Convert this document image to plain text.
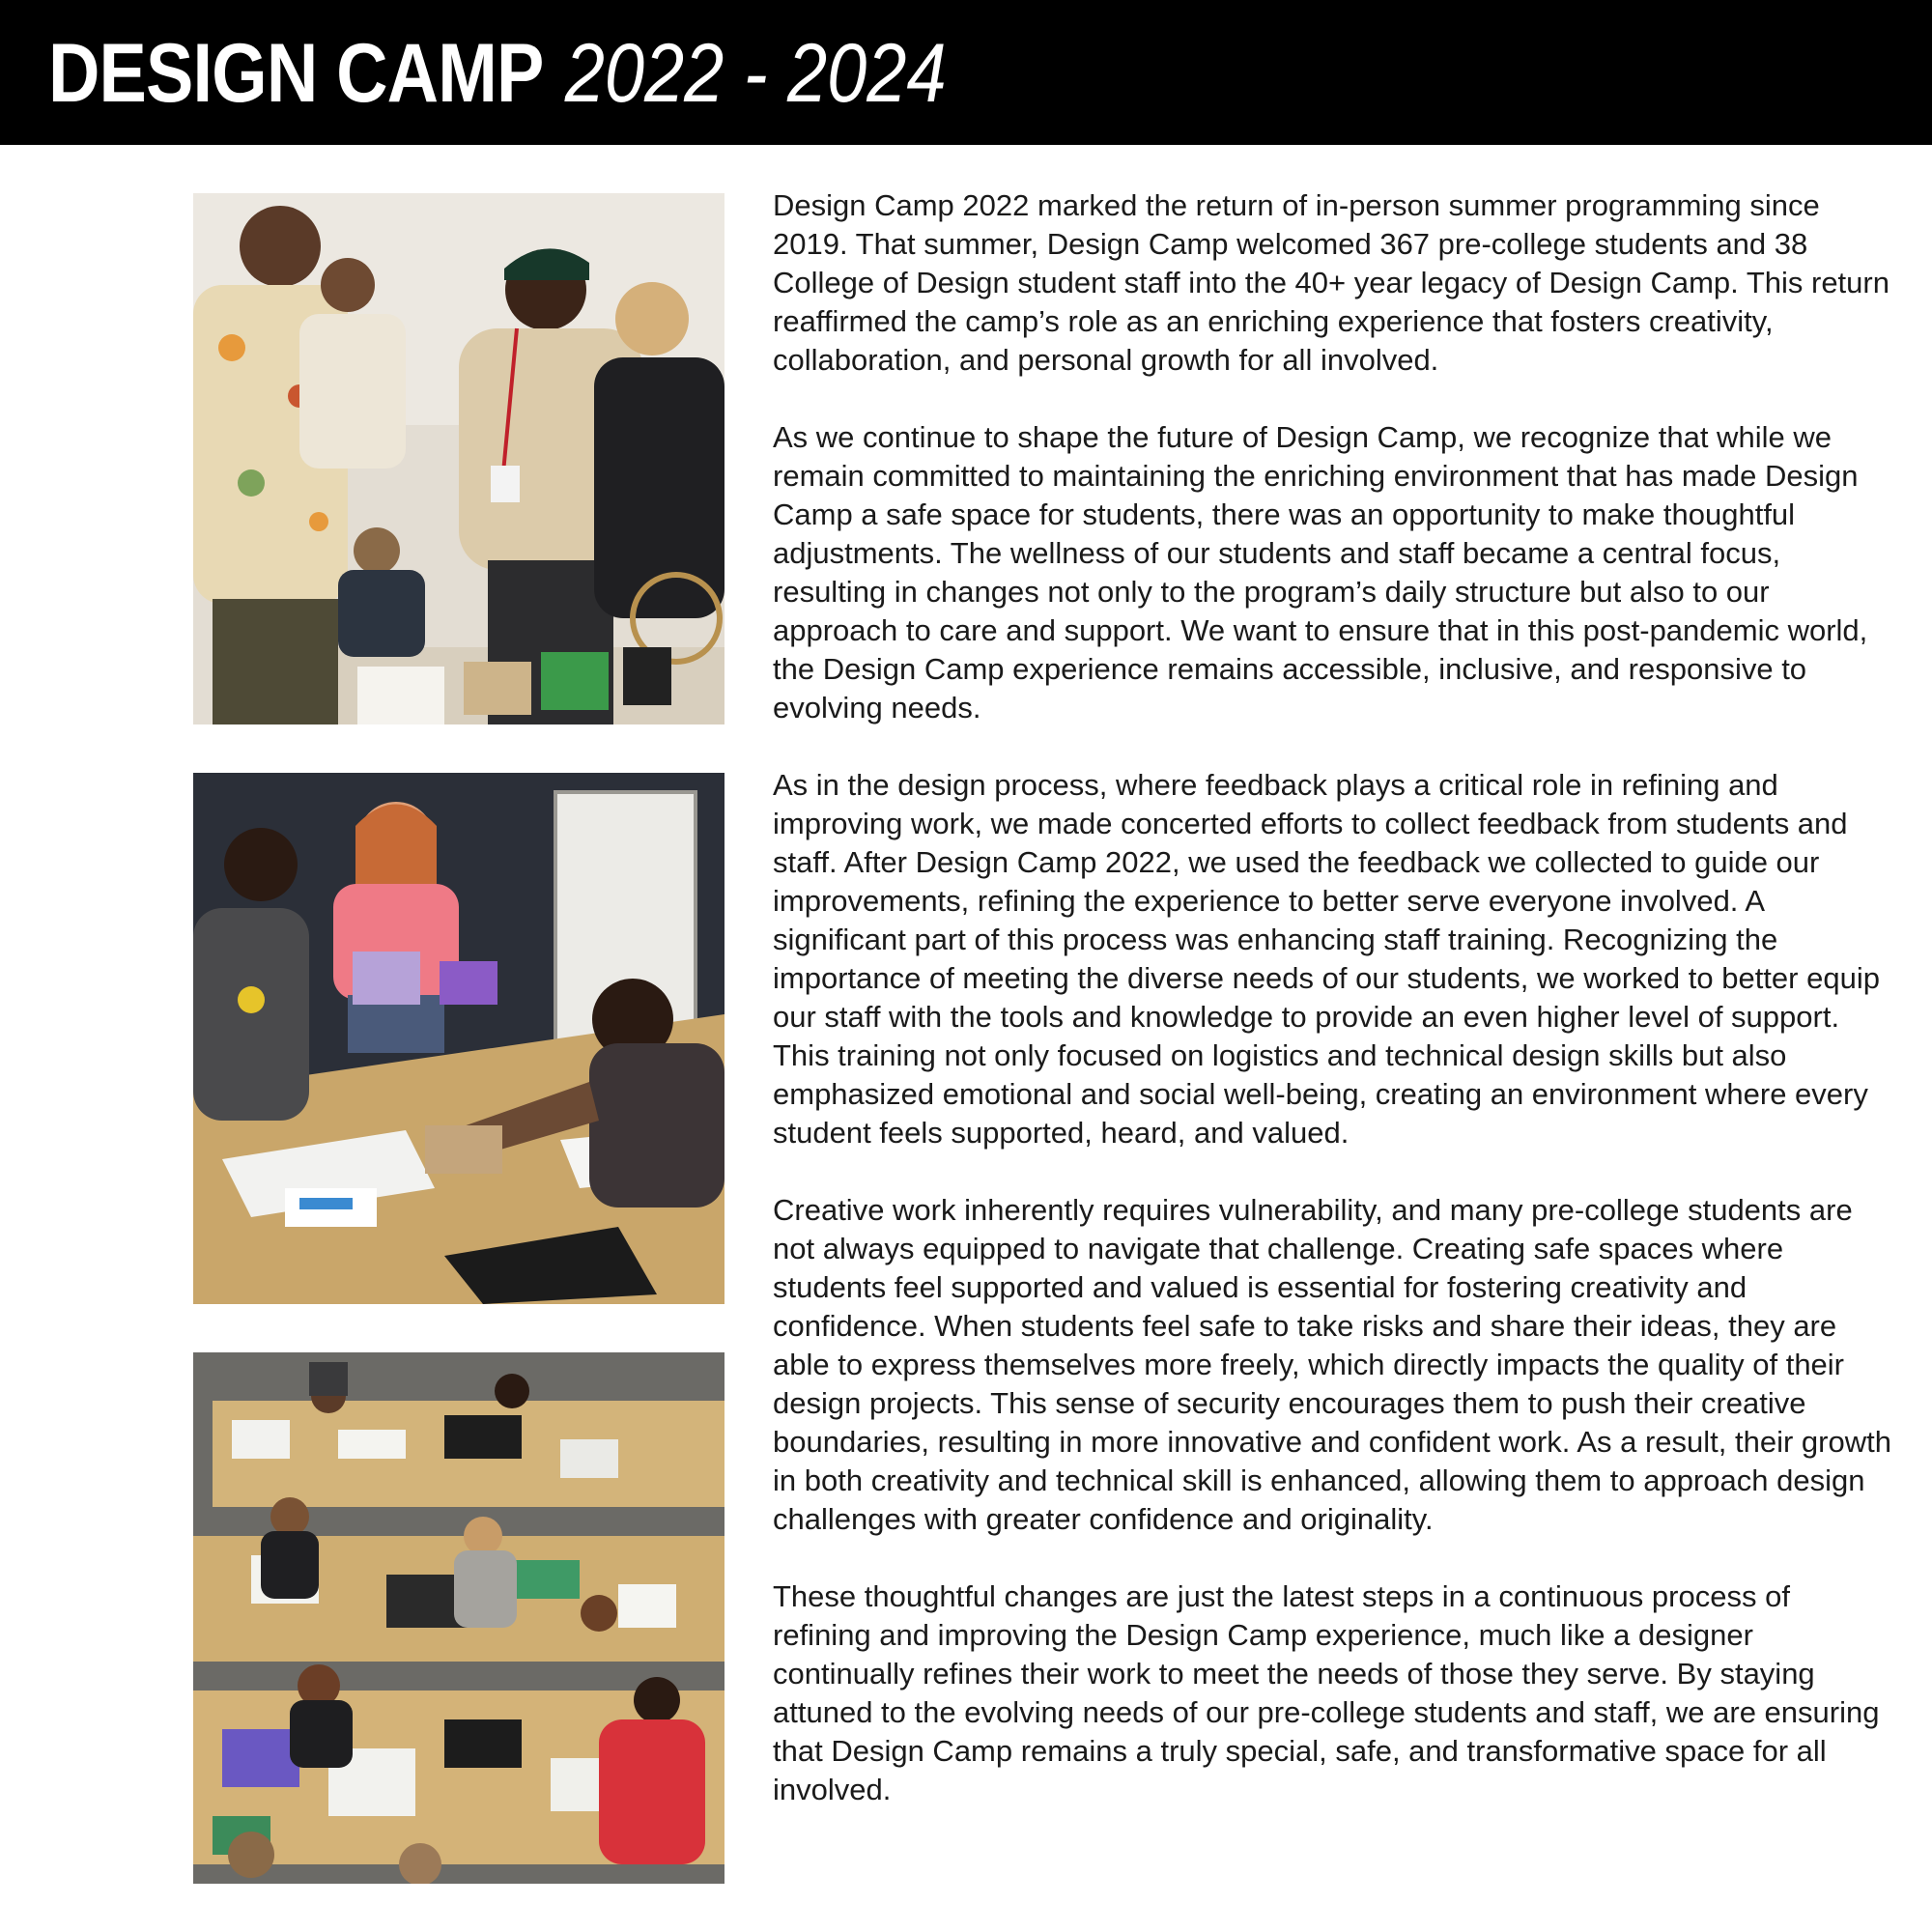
DESIGN CAMP 2022 - 2024

Design Camp 2022 marked the return of in-person summer programming since 2019. That summer, Design Camp welcomed 367 pre-college students and 38 College of Design student staff into the 40+ year legacy of Design Camp. This return reaffirmed the camp’s role as an enriching experience that fosters creativity, collaboration, and personal growth for all involved.

As we continue to shape the future of Design Camp, we recognize that while we remain committed to maintaining the enriching environment that has made Design Camp a safe space for students, there was an opportunity to make thoughtful adjustments. The wellness of our students and staff became a central focus, resulting in changes not only to the program’s daily structure but also to our approach to care and support. We want to ensure that in this post-pandemic world, the Design Camp experience remains accessible, inclusive, and responsive to evolving needs.

As in the design process, where feedback plays a critical role in refining and improving work, we made concerted efforts to collect feedback from students and staff. After Design Camp 2022, we used the feedback we collected to guide our improvements, refining the experience to better serve everyone involved. A significant part of this process was enhancing staff training. Recognizing the importance of meeting the diverse needs of our students, we worked to better equip our staff with the tools and knowledge to provide an even higher level of support. This training not only focused on logistics and technical design skills but also emphasized emotional and social well-being, creating an environment where every student feels supported, heard, and valued.

Creative work inherently requires vulnerability, and many pre-college students are not always equipped to navigate that challenge. Creating safe spaces where students feel supported and valued is essential for fostering creativity and confidence. When students feel safe to take risks and share their ideas, they are able to express themselves more freely, which directly impacts the quality of their design projects. This sense of security encourages them to push their creative boundaries, resulting in more innovative and confident work. As a result, their growth in both creativity and technical skill is enhanced, allowing them to approach design challenges with greater confidence and originality.

These thoughtful changes are just the latest steps in a continuous process of refining and improving the Design Camp experience, much like a designer continually refines their work to meet the needs of those they serve. By staying attuned to the evolving needs of our pre-college students and staff, we are ensuring that Design Camp remains a truly special, safe, and transformative space for all involved.
